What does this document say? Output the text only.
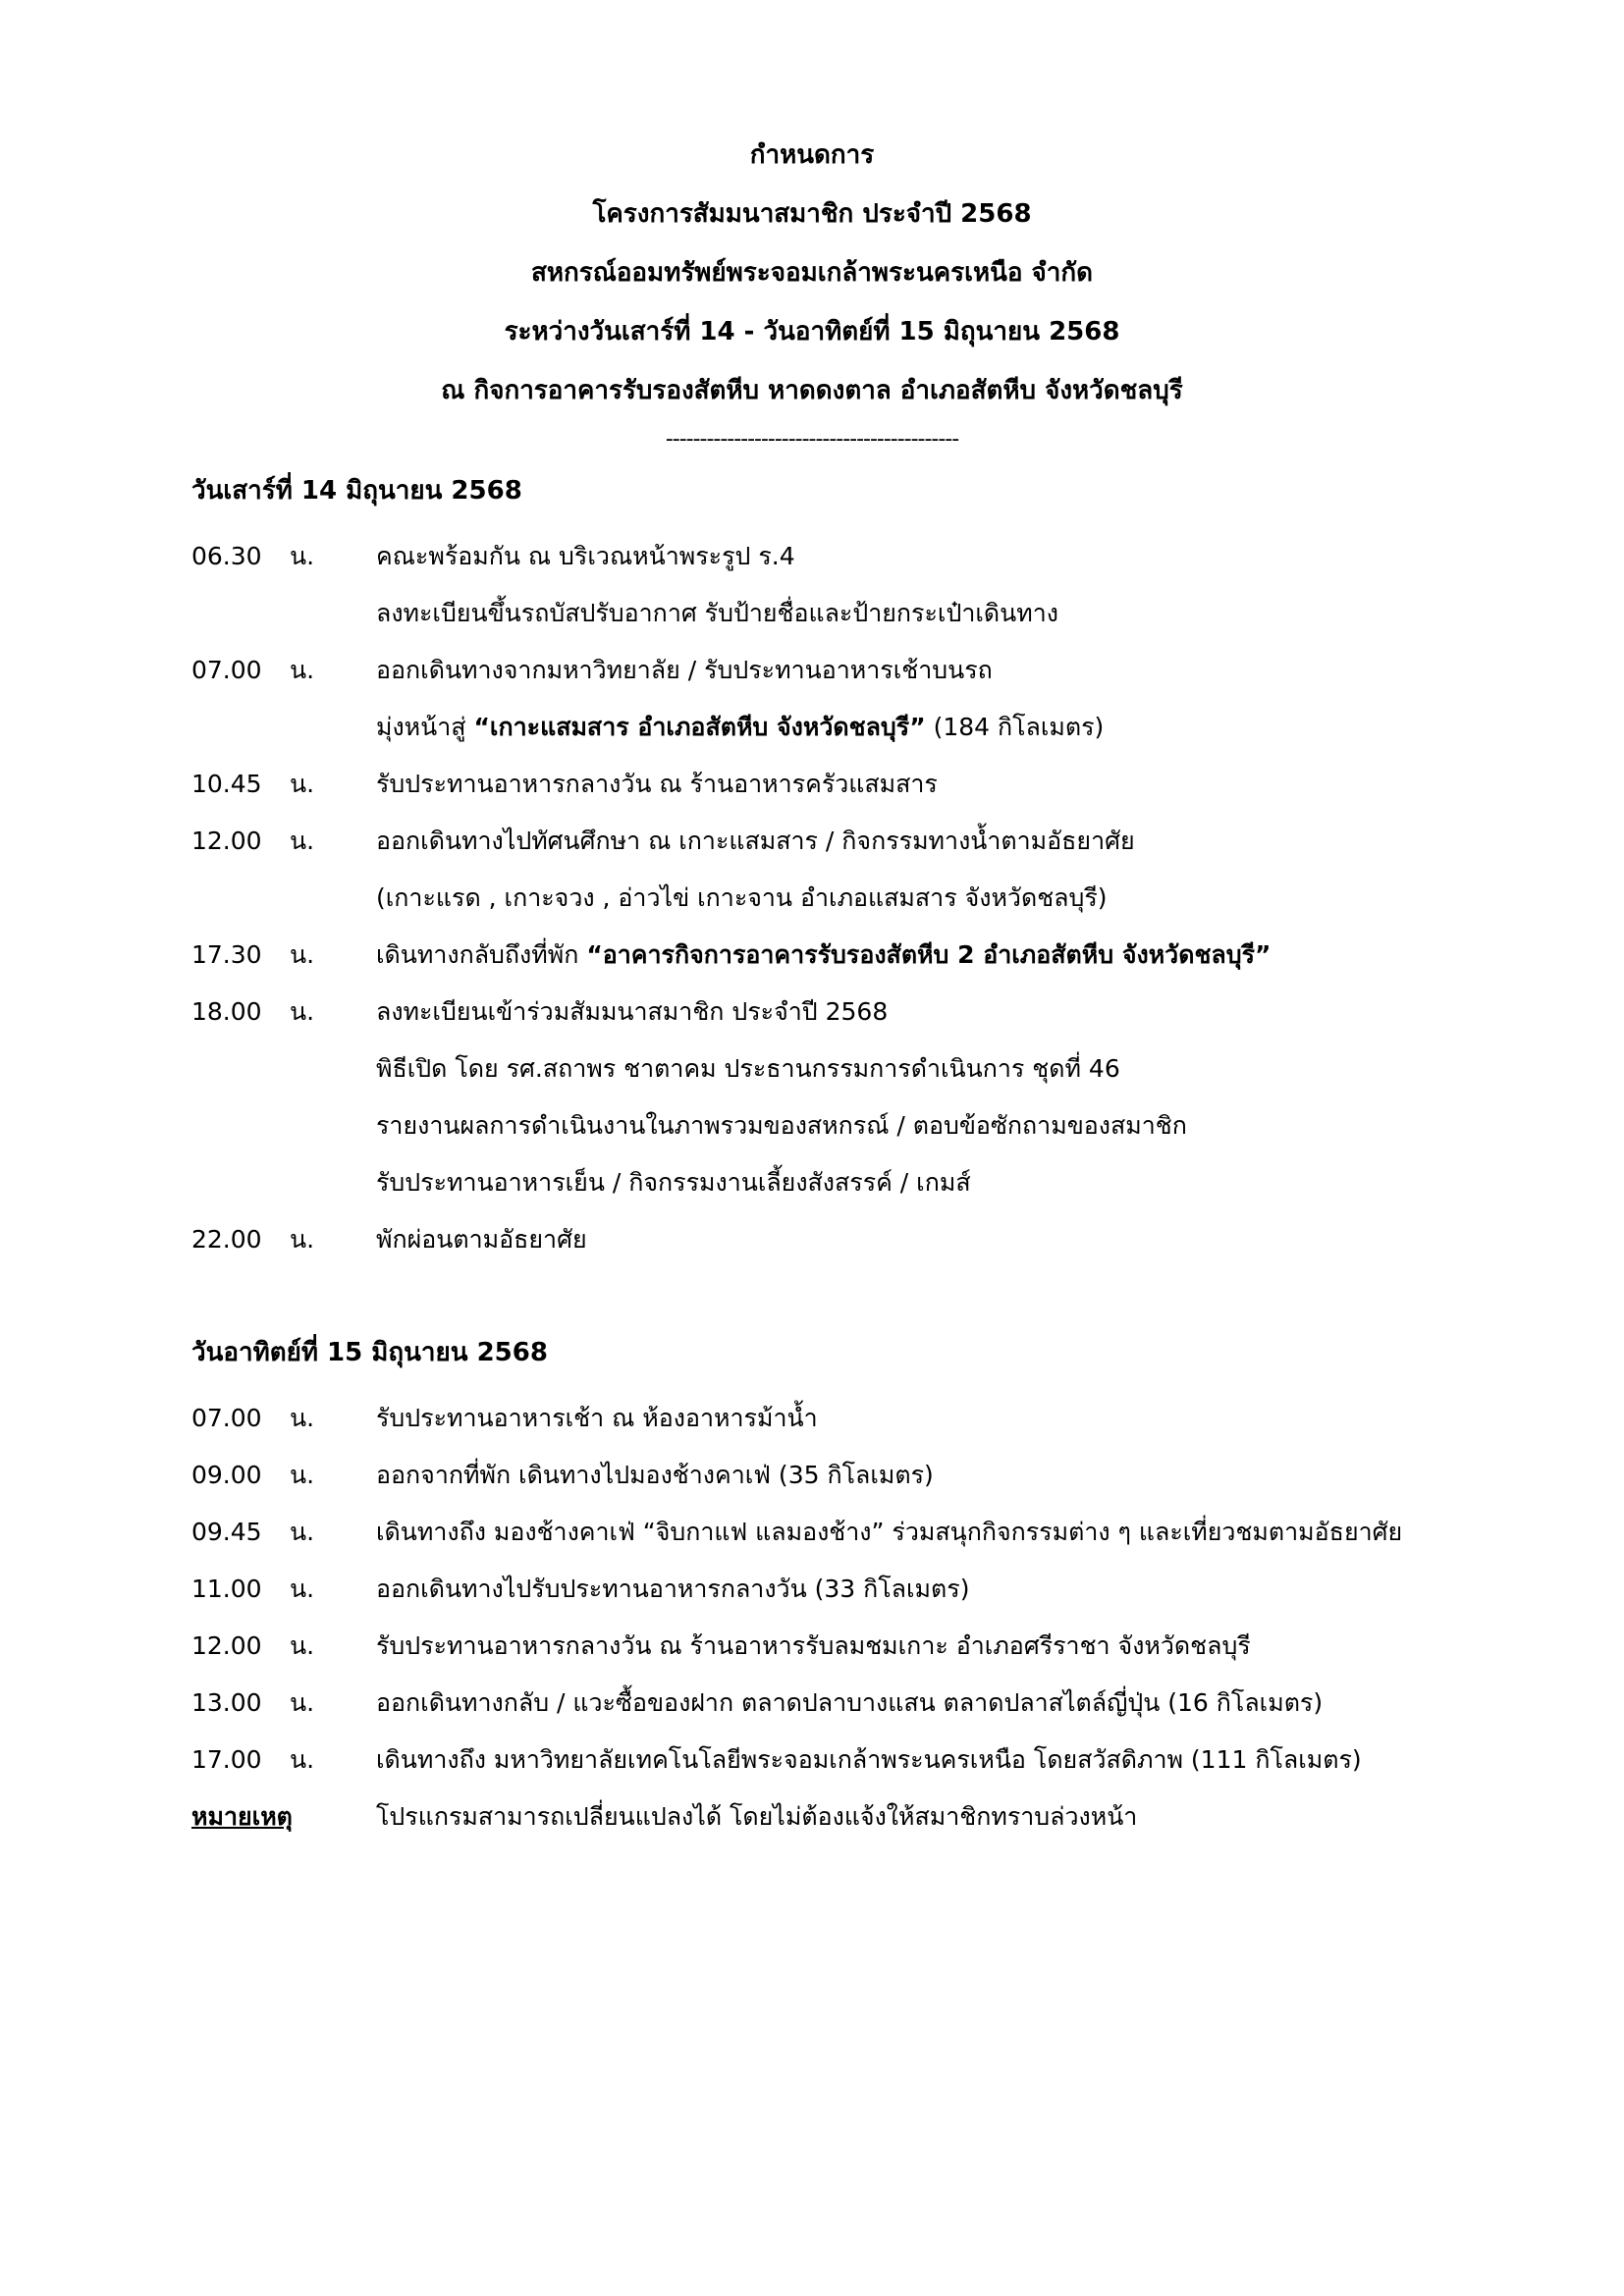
กำหนดการ
โครงการสัมมนาสมาชิก ประจำปี 2568
สหกรณ์ออมทรัพย์พระจอมเกล้าพระนครเหนือ จำกัด
ระหว่างวันเสาร์ที่ 14 - วันอาทิตย์ที่ 15 มิถุนายน 2568
ณ กิจการอาคารรับรองสัตหีบ หาดดงตาล อำเภอสัตหีบ จังหวัดชลบุรี
-------------------------------------------
วันเสาร์ที่ 14 มิถุนายน 2568
06.30	น.	คณะพร้อมกัน ณ บริเวณหน้าพระรูป ร.4
ลงทะเบียนขึ้นรถบัสปรับอากาศ รับป้ายชื่อและป้ายกระเป๋าเดินทาง
07.00	น.	ออกเดินทางจากมหาวิทยาลัย / รับประทานอาหารเช้าบนรถ
มุ่งหน้าสู่ “เกาะแสมสาร อำเภอสัตหีบ จังหวัดชลบุรี” (184 กิโลเมตร)
10.45	น.	รับประทานอาหารกลางวัน ณ ร้านอาหารครัวแสมสาร
12.00	น.	ออกเดินทางไปทัศนศึกษา ณ เกาะแสมสาร / กิจกรรมทางน้ำตามอัธยาศัย
(เกาะแรด , เกาะจวง , อ่าวไข่ เกาะจาน อำเภอแสมสาร จังหวัดชลบุรี)
17.30	น.	เดินทางกลับถึงที่พัก “อาคารกิจการอาคารรับรองสัตหีบ 2 อำเภอสัตหีบ จังหวัดชลบุรี”
18.00	น.	ลงทะเบียนเข้าร่วมสัมมนาสมาชิก ประจำปี 2568
พิธีเปิด โดย รศ.สถาพร ชาตาคม ประธานกรรมการดำเนินการ ชุดที่ 46
รายงานผลการดำเนินงานในภาพรวมของสหกรณ์ / ตอบข้อซักถามของสมาชิก
รับประทานอาหารเย็น / กิจกรรมงานเลี้ยงสังสรรค์ / เกมส์
22.00	น.	พักผ่อนตามอัธยาศัย
วันอาทิตย์ที่ 15 มิถุนายน 2568
07.00	น.	รับประทานอาหารเช้า ณ ห้องอาหารม้าน้ำ
09.00	น.	ออกจากที่พัก เดินทางไปมองช้างคาเฟ่ (35 กิโลเมตร)
09.45	น.	เดินทางถึง มองช้างคาเฟ่ “จิบกาแฟ แลมองช้าง” ร่วมสนุกกิจกรรมต่าง ๆ และเที่ยวชมตามอัธยาศัย
11.00	น.	ออกเดินทางไปรับประทานอาหารกลางวัน (33 กิโลเมตร)
12.00	น.	รับประทานอาหารกลางวัน ณ ร้านอาหารรับลมชมเกาะ อำเภอศรีราชา จังหวัดชลบุรี
13.00	น.	ออกเดินทางกลับ / แวะซื้อของฝาก ตลาดปลาบางแสน ตลาดปลาสไตล์ญี่ปุ่น (16 กิโลเมตร)
17.00	น.	เดินทางถึง มหาวิทยาลัยเทคโนโลยีพระจอมเกล้าพระนครเหนือ โดยสวัสดิภาพ (111 กิโลเมตร)
หมายเหตุ	โปรแกรมสามารถเปลี่ยนแปลงได้ โดยไม่ต้องแจ้งให้สมาชิกทราบล่วงหน้า
